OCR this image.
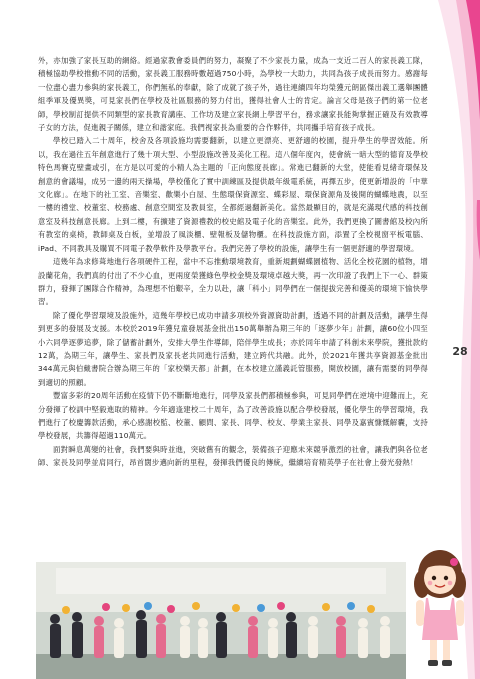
外，亦加強了家長互助的網絡。經過家教會委員們的努力，凝聚了不少家長力量，成為一支近二百人的家長義工隊，積極協助學校推動不同的活動，家長義工服務時數超過750小時，為學校一大助力，共同為孩子成長而努力。感謝每一位盡心盡力參與的家長義工，你們無私的奉獻，除了成就了孩子外，過往連續四年均榮獲元朗區傑出義工選舉團體組季軍及優異獎，可見家長們在學校及社區服務的努力付出，獲得社會人士的肯定。論言父母是孩子們的第一位老師，學校制訂提供不同類型的家長教育講座、工作坊及建立家長網上學習平台，務求讓家長能夠掌握正確及有效教導子女的方法，促進親子關係，建立和諧家庭。我們視家長為重要的合作夥伴，共同攜手培育孩子成長。

學校已踏入二十周年，校舍及各項設施均需要翻新，以建立更漂亮、更舒適的校園，提升學生的學習效能。所以，我在過往五年創意進行了幾十項大型、小型設施改善及美化工程。這八個年度內，使會統一暗大型的德育及學校特色馬賽克壁畫或引，在方是以可愛的小精人為主題的「正向態度長廊」。常進已翻新的大堂，使能看見緒奇環保及創意的會議場，成另一邊的兩天操場，學校僅化了實中訓練區及提供最年級電系統，再擇五步，使更新增設的「中華文化廊」。在地下的社工室、音樂室、歡樂小白屋、生態環保資源室、蝶彩屋、環保資源角及後開的蝴蝶地農，以至一樓的禮堂、校董室、校務處、創意空間室及教員室，全都經過翻新美化。當然最顯目的，就是充滿現代感的科技創意室及科技創意長廊。上到二樓，有擴建了資源禮教的校史館及電子化的音樂室。此外，我們更換了圖書館及校內所有教室的桌椅，教師桌及白板，並增設了風淡櫃、壁報板及儲物櫃。在科技設施方面，添置了全校視窗平板電腦、iPad、不同教具及購買不同電子教學軟件及學教平台。我們完善了學校的設施，讓學生有一個更舒適的學習環境。

這幾年為求修葺地進行各項硬件工程，當中不忘推動環境教育，重新規劃蝴蝶園植物、活化全校花園的植物，增設蘭花角，我們真的付出了不少心血，更兩度榮獲綠色學校金獎及環境卓越大獎，再一次印證了我們上下一心、群策群力，發揮了團隊合作精神，為理想不怕艱辛，全力以赴，讓「科小」同學們在一個提拔完善和優美的環境下愉快學習。

除了優化學習環境及設施外，這幾年學校已成功申請多項校外資源資助計劃，透過不同的計劃及活動，讓學生得到更多的發展及支援。本校於2019年獲兒童發展基金批出150萬舉辦為期三年的「逐夢少年」計劃，讓60位小四至小六同學逐夢追夢，除了儲蓄計劃外，安排大學生作導師，陪伴學生成長；亦於同年申請了科創未來學院，獲批款約12萬，為期三年，讓學生、家長們及家長老共同進行活動，建立跨代共融。此外，於2021年獲共享資源基金批出344萬元與伯戴書院合辦為期三年的「家校樂天都」計劃，在本校建立謹義託管服務，開放校園，讓有需要的同學得到適切的照顧。

豐富多彩的20周年活動在疫情下仍不斷斷地進行，同學及家長們都積極參與，可見同學們在逆境中迎難而上，充分發揮了校訓中堅毅進取的精神。今年適逢建校二十周年，為了改善設施以配合學校發展，優化學生的學習環境，我們進行了校慶籌款活動，承心感謝校監、校董、顧問、家長、同學、校友、學業主家長、同學及嘉賓慷慨解囊，支持學校發展，共籌得超過110萬元。

面對瞬息萬變的社會，我們要與時並進，突破舊有的觀念，裝備孩子迎應未來競爭激烈的社會，讓我們與各位老師、家長及同學並肩同行，昂首闊步邁向新的里程，發揮我們優良的傳統，繼續培育精英學子在社會上發光發熱！

28
